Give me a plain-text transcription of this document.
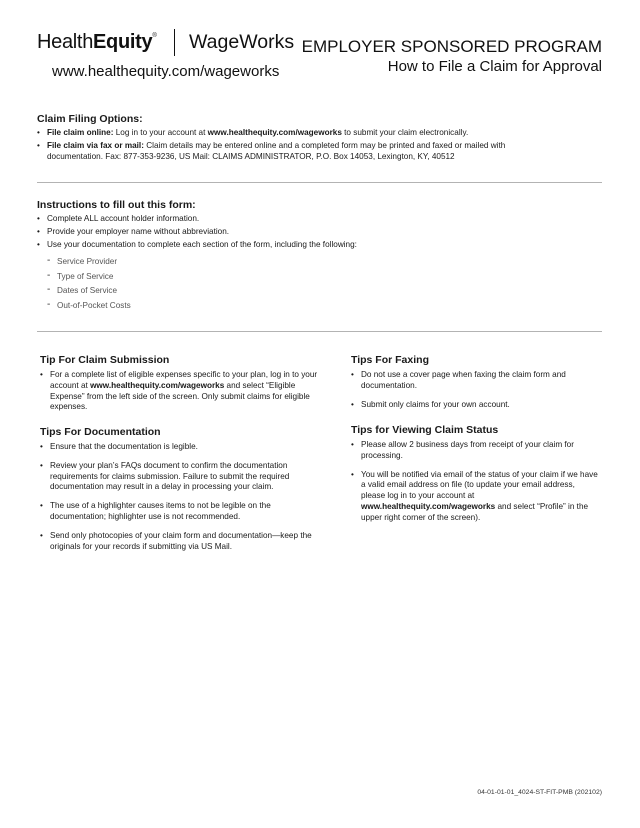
HealthEquity® WageWorks
www.healthequity.com/wageworks
EMPLOYER SPONSORED PROGRAM
How to File a Claim for Approval
Claim Filing Options:
• File claim online: Log in to your account at www.healthequity.com/wageworks to submit your claim electronically.
• File claim via fax or mail: Claim details may be entered online and a completed form may be printed and faxed or mailed with documentation. Fax: 877-353-9236, US Mail: CLAIMS ADMINISTRATOR, P.O. Box 14053, Lexington, KY, 40512
Instructions to fill out this form:
• Complete ALL account holder information.
• Provide your employer name without abbreviation.
• Use your documentation to complete each section of the form, including the following:
- Service Provider
- Type of Service
- Dates of Service
- Out-of-Pocket Costs
Tip For Claim Submission
• For a complete list of eligible expenses specific to your plan, log in to your account at www.healthequity.com/wageworks and select “Eligible Expense” from the left side of the screen. Only submit claims for eligible expenses.
Tips For Documentation
• Ensure that the documentation is legible.
• Review your plan’s FAQs document to confirm the documentation requirements for claims submission. Failure to submit the required documentation may result in a delay in processing your claim.
• The use of a highlighter causes items to not be legible on the documentation; highlighter use is not recommended.
• Send only photocopies of your claim form and documentation—keep the originals for your records if submitting via US Mail.
Tips For Faxing
• Do not use a cover page when faxing the claim form and documentation.
• Submit only claims for your own account.
Tips for Viewing Claim Status
• Please allow 2 business days from receipt of your claim for processing.
• You will be notified via email of the status of your claim if we have a valid email address on file (to update your email address, please log in to your account at www.healthequity.com/wageworks and select “Profile” in the upper right corner of the screen).
04-01-01-01_4024-ST-FIT-PMB (202102)
